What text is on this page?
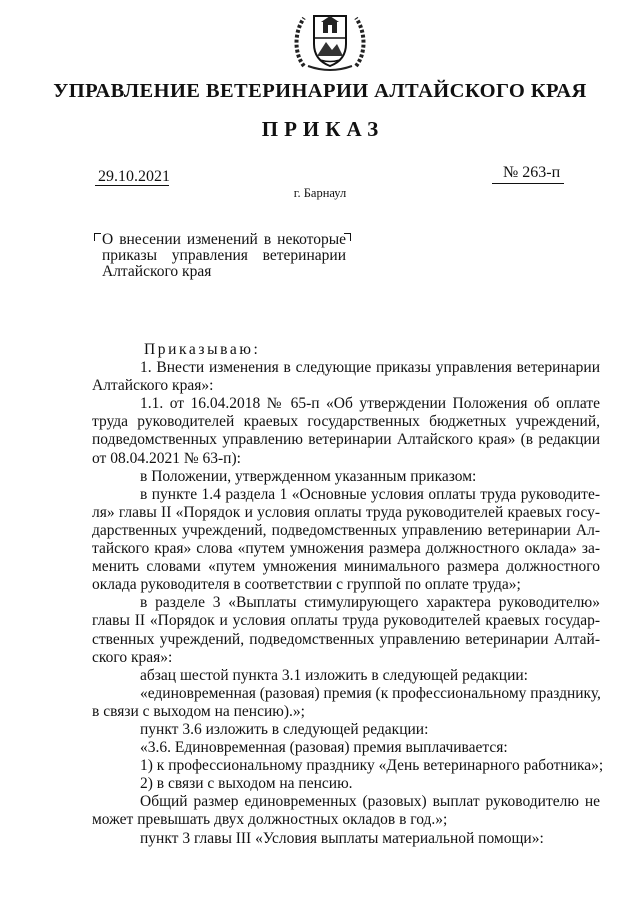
УПРАВЛЕНИЕ ВЕТЕРИНАРИИ АЛТАЙСКОГО КРАЯ
ПРИКАЗ
29.10.2021	№ 263-п
г. Барнаул
О внесении изменений в некоторые
приказы управления ветеринарии
Алтайского края
Приказываю:
1. Внести изменения в следующие приказы управления ветеринарии
Алтайского края»:
1.1. от 16.04.2018 № 65-п «Об утверждении Положения об оплате
труда руководителей краевых государственных бюджетных учреждений,
подведомственных управлению ветеринарии Алтайского края» (в редакции
от 08.04.2021 № 63-п):
в Положении, утвержденном указанным приказом:
в пункте 1.4 раздела 1 «Основные условия оплаты труда руководите-
ля» главы II «Порядок и условия оплаты труда руководителей краевых госу-
дарственных учреждений, подведомственных управлению ветеринарии Ал-
тайского края» слова «путем умножения размера должностного оклада» за-
менить словами «путем умножения минимального размера должностного
оклада руководителя в соответствии с группой по оплате труда»;
в разделе 3 «Выплаты стимулирующего характера руководителю»
главы II «Порядок и условия оплаты труда руководителей краевых государ-
ственных учреждений, подведомственных управлению ветеринарии Алтай-
ского края»:
абзац шестой пункта 3.1 изложить в следующей редакции:
«единовременная (разовая) премия (к профессиональному празднику,
в связи с выходом на пенсию).»;
пункт 3.6 изложить в следующей редакции:
«3.6. Единовременная (разовая) премия выплачивается:
1) к профессиональному празднику «День ветеринарного работника»;
2) в связи с выходом на пенсию.
Общий размер единовременных (разовых) выплат руководителю не
может превышать двух должностных окладов в год.»;
пункт 3 главы III «Условия выплаты материальной помощи»:
